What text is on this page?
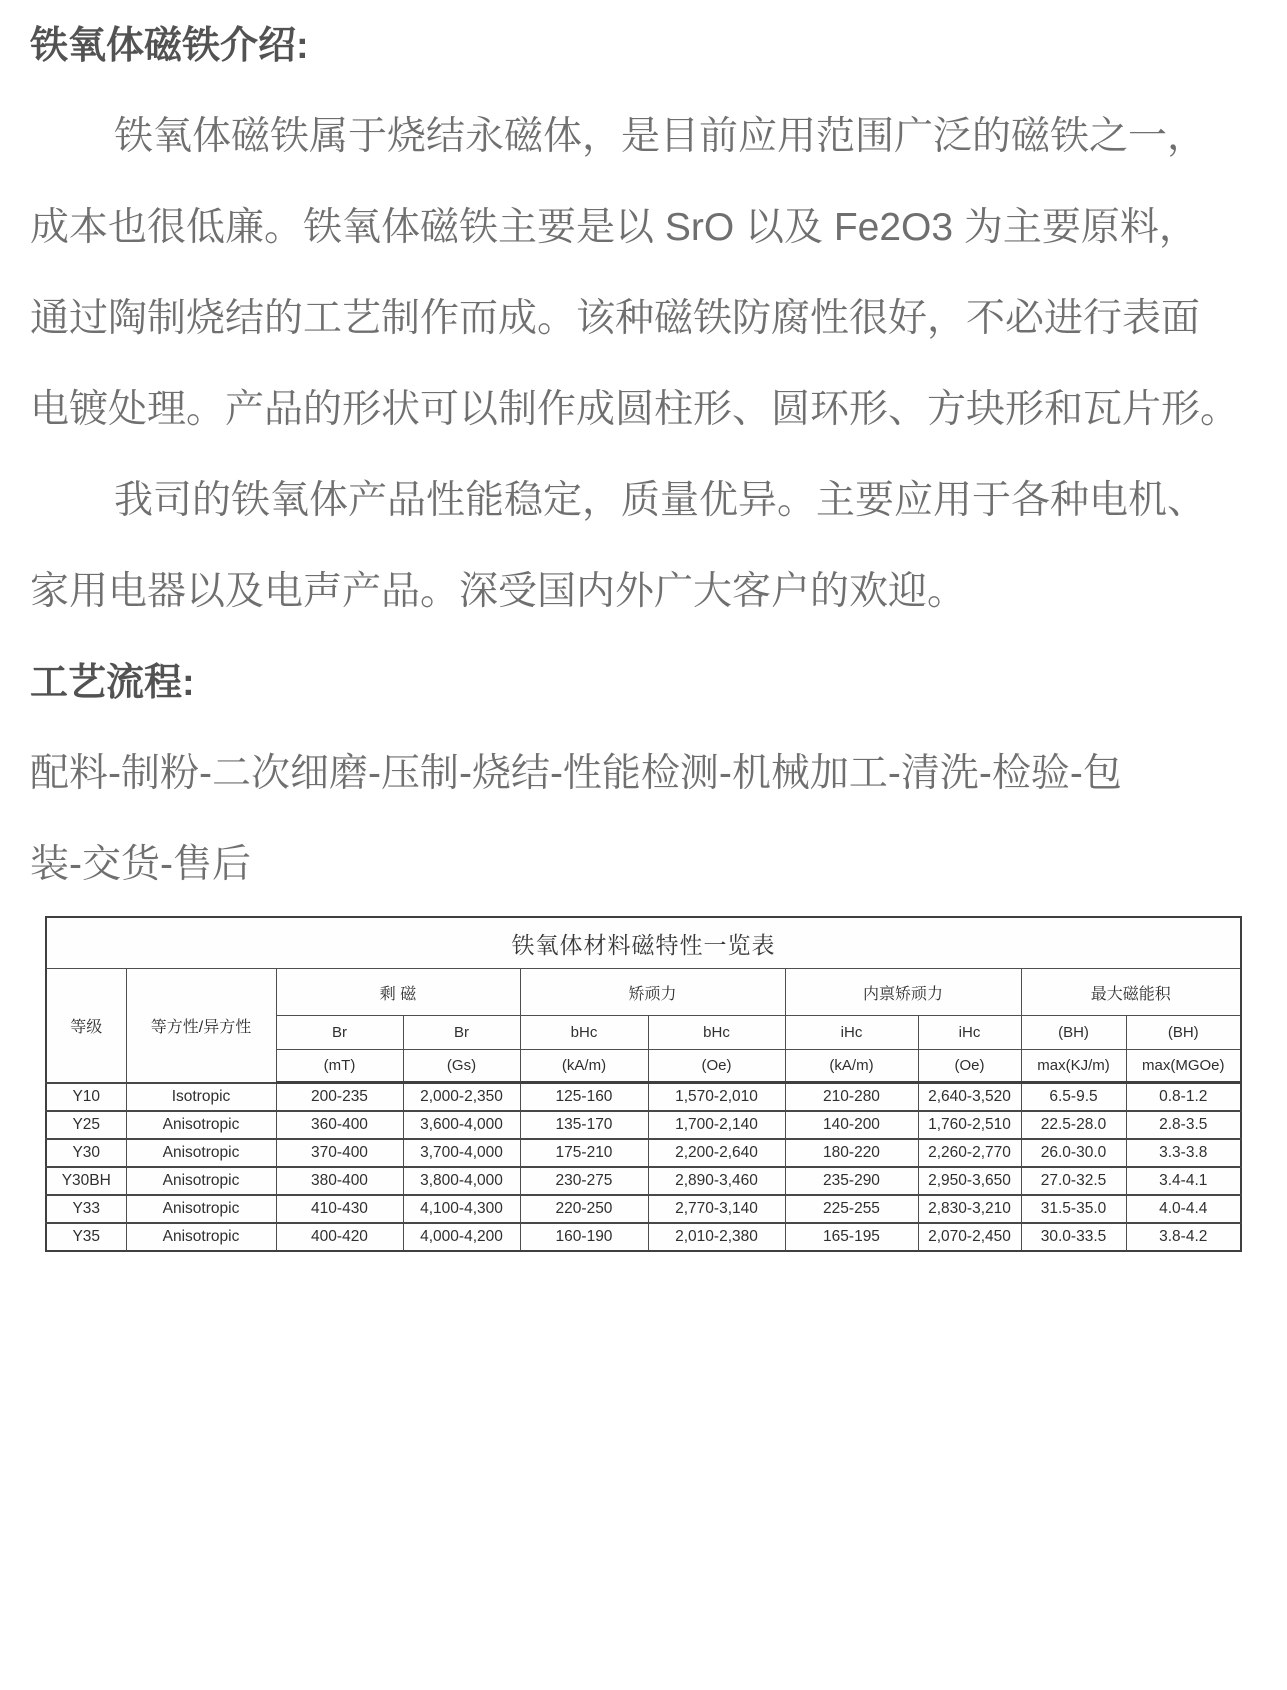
铁氧体磁铁介绍:
铁氧体磁铁属于烧结永磁体，是目前应用范围广泛的磁铁之一，
成本也很低廉。铁氧体磁铁主要是以 SrO 以及 Fe2O3 为主要原料，
通过陶制烧结的工艺制作而成。该种磁铁防腐性很好，不必进行表面
电镀处理。产品的形状可以制作成圆柱形、圆环形、方块形和瓦片形。
我司的铁氧体产品性能稳定，质量优异。主要应用于各种电机、
家用电器以及电声产品。深受国内外广大客户的欢迎。
工艺流程:
配料-制粉-二次细磨-压制-烧结-性能检测-机械加工-清洗-检验-包
装-交货-售后
铁氧体材料磁特性一览表									
等级	等方性/异方性	剩 磁		矫顽力		内禀矫顽力		最大磁能积	
		Br	Br	bHc	bHc	iHc	iHc	(BH)	(BH)
		(mT)	(Gs)	(kA/m)	(Oe)	(kA/m)	(Oe)	max(KJ/m)	max(MGOe)
Y10	Isotropic	200-235	2,000-2,350	125-160	1,570-2,010	210-280	2,640-3,520	6.5-9.5	0.8-1.2
Y25	Anisotropic	360-400	3,600-4,000	135-170	1,700-2,140	140-200	1,760-2,510	22.5-28.0	2.8-3.5
Y30	Anisotropic	370-400	3,700-4,000	175-210	2,200-2,640	180-220	2,260-2,770	26.0-30.0	3.3-3.8
Y30BH	Anisotropic	380-400	3,800-4,000	230-275	2,890-3,460	235-290	2,950-3,650	27.0-32.5	3.4-4.1
Y33	Anisotropic	410-430	4,100-4,300	220-250	2,770-3,140	225-255	2,830-3,210	31.5-35.0	4.0-4.4
Y35	Anisotropic	400-420	4,000-4,200	160-190	2,010-2,380	165-195	2,070-2,450	30.0-33.5	3.8-4.2
